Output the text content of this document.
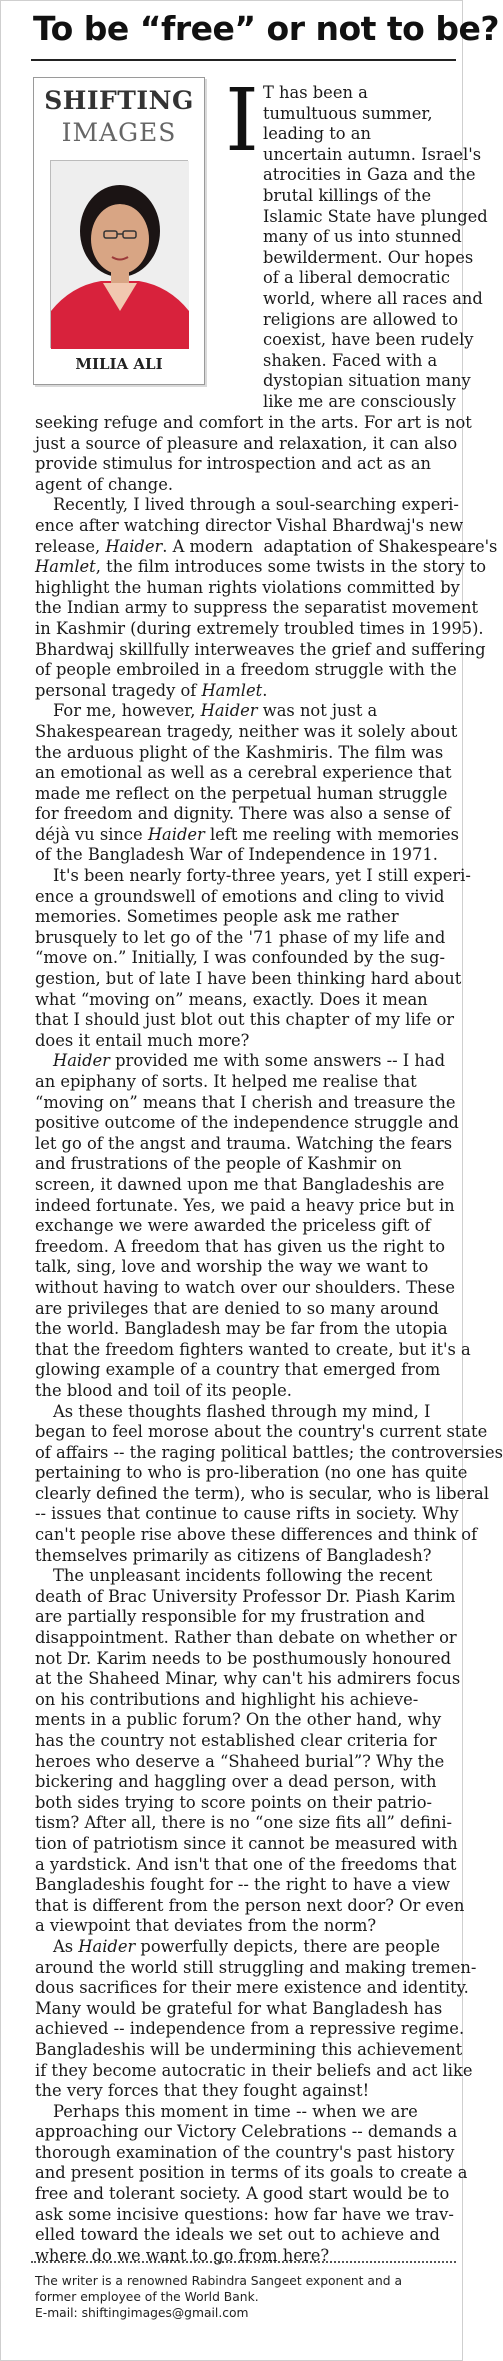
To be “free” or not to be?
SHIFTING
IMAGES
MILIA ALI
I T has been a
tumultuous summer,
leading to an
uncertain autumn. Israel's
atrocities in Gaza and the
brutal killings of the
Islamic State have plunged
many of us into stunned
bewilderment. Our hopes
of a liberal democratic
world, where all races and
religions are allowed to
coexist, have been rudely
shaken. Faced with a
dystopian situation many
like me are consciously
seeking refuge and comfort in the arts. For art is not
just a source of pleasure and relaxation, it can also
provide stimulus for introspection and act as an
agent of change.
Recently, I lived through a soul-searching experi-
ence after watching director Vishal Bhardwaj's new
release, Haider. A modern  adaptation of Shakespeare's
Hamlet, the film introduces some twists in the story to
highlight the human rights violations committed by
the Indian army to suppress the separatist movement
in Kashmir (during extremely troubled times in 1995).
Bhardwaj skillfully interweaves the grief and suffering
of people embroiled in a freedom struggle with the
personal tragedy of Hamlet.
For me, however, Haider was not just a
Shakespearean tragedy, neither was it solely about
the arduous plight of the Kashmiris. The film was
an emotional as well as a cerebral experience that
made me reflect on the perpetual human struggle
for freedom and dignity. There was also a sense of
déjà vu since Haider left me reeling with memories
of the Bangladesh War of Independence in 1971.
It's been nearly forty-three years, yet I still experi-
ence a groundswell of emotions and cling to vivid
memories. Sometimes people ask me rather
brusquely to let go of the '71 phase of my life and
“move on.” Initially, I was confounded by the sug-
gestion, but of late I have been thinking hard about
what “moving on” means, exactly. Does it mean
that I should just blot out this chapter of my life or
does it entail much more?
Haider provided me with some answers -- I had
an epiphany of sorts. It helped me realise that
“moving on” means that I cherish and treasure the
positive outcome of the independence struggle and
let go of the angst and trauma. Watching the fears
and frustrations of the people of Kashmir on
screen, it dawned upon me that Bangladeshis are
indeed fortunate. Yes, we paid a heavy price but in
exchange we were awarded the priceless gift of
freedom. A freedom that has given us the right to
talk, sing, love and worship the way we want to
without having to watch over our shoulders. These
are privileges that are denied to so many around
the world. Bangladesh may be far from the utopia
that the freedom fighters wanted to create, but it's a
glowing example of a country that emerged from
the blood and toil of its people.
As these thoughts flashed through my mind, I
began to feel morose about the country's current state
of affairs -- the raging political battles; the controversies
pertaining to who is pro-liberation (no one has quite
clearly defined the term), who is secular, who is liberal
-- issues that continue to cause rifts in society. Why
can't people rise above these differences and think of
themselves primarily as citizens of Bangladesh?
The unpleasant incidents following the recent
death of Brac University Professor Dr. Piash Karim
are partially responsible for my frustration and
disappointment. Rather than debate on whether or
not Dr. Karim needs to be posthumously honoured
at the Shaheed Minar, why can't his admirers focus
on his contributions and highlight his achieve-
ments in a public forum? On the other hand, why
has the country not established clear criteria for
heroes who deserve a “Shaheed burial”? Why the
bickering and haggling over a dead person, with
both sides trying to score points on their patrio-
tism? After all, there is no “one size fits all” defini-
tion of patriotism since it cannot be measured with
a yardstick. And isn't that one of the freedoms that
Bangladeshis fought for -- the right to have a view
that is different from the person next door? Or even
a viewpoint that deviates from the norm?
As Haider powerfully depicts, there are people
around the world still struggling and making tremen-
dous sacrifices for their mere existence and identity.
Many would be grateful for what Bangladesh has
achieved -- independence from a repressive regime.
Bangladeshis will be undermining this achievement
if they become autocratic in their beliefs and act like
the very forces that they fought against!
Perhaps this moment in time -- when we are
approaching our Victory Celebrations -- demands a
thorough examination of the country's past history
and present position in terms of its goals to create a
free and tolerant society. A good start would be to
ask some incisive questions: how far have we trav-
elled toward the ideals we set out to achieve and
where do we want to go from here?
The writer is a renowned Rabindra Sangeet exponent and a
former employee of the World Bank.
E-mail: shiftingimages@gmail.com
